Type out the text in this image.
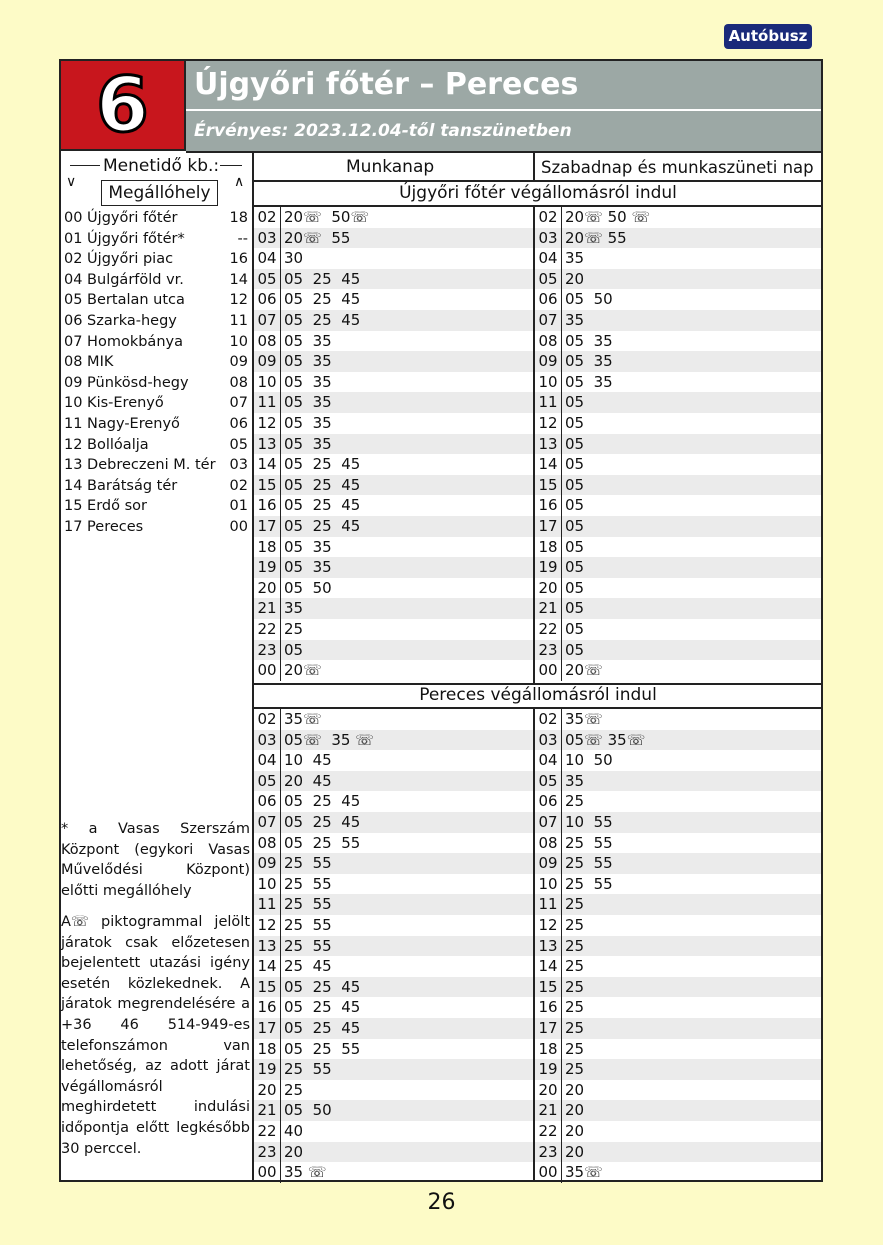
Autóbusz
6	Újgyőri főtér – Pereces
Érvényes: 2023.12.04-től tanszünetben
Menetidő kb.:
∨	∧
Megállóhely
Munkanap	Szabadnap és munkaszüneti nap
Újgyőri főtér végállomásról indul
Pereces végállomásról indul
00 Újgyőri főtér	18
01 Újgyőri főtér*	--
02 Újgyőri piac	16
04 Bulgárföld vr.	14
05 Bertalan utca	12
06 Szarka-hegy	11
07 Homokbánya	10
08 MIK	09
09 Pünkösd-hegy	08
10 Kis-Erenyő	07
11 Nagy-Erenyő	06
12 Bollóalja	05
13 Debreczeni M. tér 03
14 Barátság tér	02
15 Erdő sor	01
17 Pereces	00
02 20☏  50☏
03 20☏  55
04 30
05 05  25  45
06 05  25  45
07 05  25  45
08 05  35
09 05  35
10 05  35
11 05  35
12 05  35
13 05  35
14 05  25  45
15 05  25  45
16 05  25  45
17 05  25  45
18 05  35
19 05  35
20 05  50
21 35
22 25
23 05
00 20☏
02 20☏ 50 ☏
03 20☏ 55
04 35
05 20
06 05  50
07 35
08 05  35
09 05  35
10 05  35
11 05
12 05
13 05
14 05
15 05
16 05
17 05
18 05
19 05
20 05
21 05
22 05
23 05
00 20☏
02 35☏
03 05☏  35 ☏
04 10  45
05 20  45
06 05  25  45
07 05  25  45
08 05  25  55
09 25  55
10 25  55
11 25  55
12 25  55
13 25  55
14 25  45
15 05  25  45
16 05  25  45
17 05  25  45
18 05  25  55
19 25  55
20 25
21 05  50
22 40
23 20
00 35 ☏
02 35☏
03 05☏ 35☏
04 10  50
05 35
06 25
07 10  55
08 25  55
09 25  55
10 25  55
11 25
12 25
13 25
14 25
15 25
16 25
17 25
18 25
19 25
20 20
21 20
22 20
23 20
00 35☏
* a Vasas Szerszám Központ (egykori Vasas Művelődési Központ) előtti megállóhely
A☏ piktogrammal jelölt járatok csak előzetesen bejelentett utazási igény esetén közlekednek. A járatok megrendelésére a +36 46 514-949-es telefonszámon van lehetőség, az adott járat végállomásról meghirdetett indulási időpontja előtt legkésőbb 30 perccel.
26
